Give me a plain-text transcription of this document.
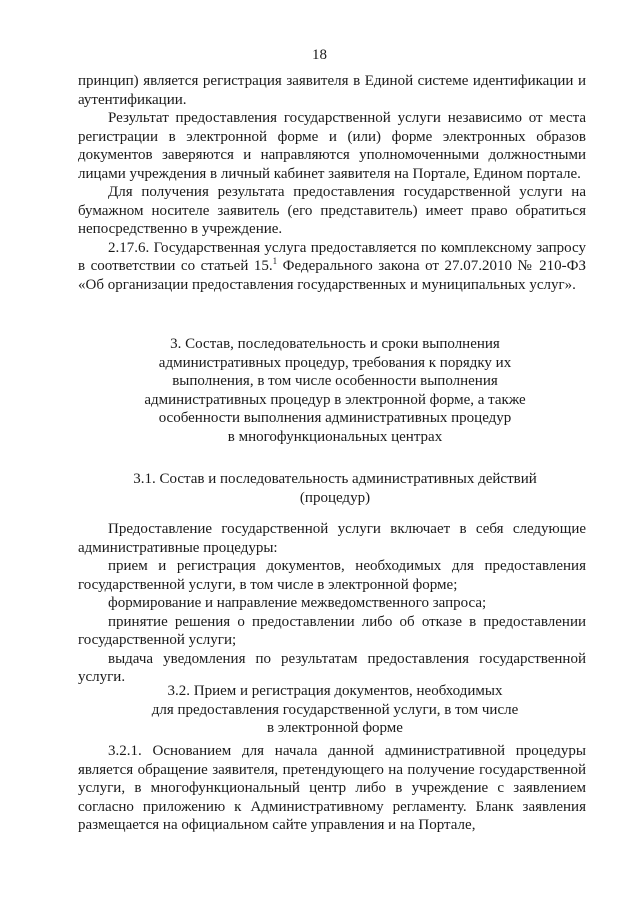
18

принцип) является регистрация заявителя в Единой системе идентификации и аутентификации.

Результат предоставления государственной услуги независимо от места регистрации в электронной форме и (или) форме электронных образов документов заверяются и направляются уполномоченными должностными лицами учреждения в личный кабинет заявителя на Портале, Едином портале.

Для получения результата предоставления государственной услуги на бумажном носителе заявитель (его представитель) имеет право обратиться непосредственно в учреждение.

2.17.6. Государственная услуга предоставляется по комплексному запросу в соответствии со статьей 15.$^1$ Федерального закона от 27.07.2010 № 210-ФЗ «Об организации предоставления государственных и муниципальных услуг».

3. Состав, последовательность и сроки выполнения
административных процедур, требования к порядку их
выполнения, в том числе особенности выполнения
административных процедур в электронной форме, а также
особенности выполнения административных процедур
в многофункциональных центрах
3.1. Состав и последовательность административных действий
(процедур)

Предоставление государственной услуги включает в себя следующие административные процедуры:

прием и регистрация документов, необходимых для предоставления государственной услуги, в том числе в электронной форме;

формирование и направление межведомственного запроса;

принятие решения о предоставлении либо об отказе в предоставлении государственной услуги;

выдача уведомления по результатам предоставления государственной услуги.

3.2. Прием и регистрация документов, необходимых
для предоставления государственной услуги, в том числе
в электронной форме

3.2.1. Основанием для начала данной административной процедуры является обращение заявителя, претендующего на получение государственной услуги, в многофункциональный центр либо в учреждение с заявлением согласно приложению к Административному регламенту. Бланк заявления размещается на официальном сайте управления и на Портале,
